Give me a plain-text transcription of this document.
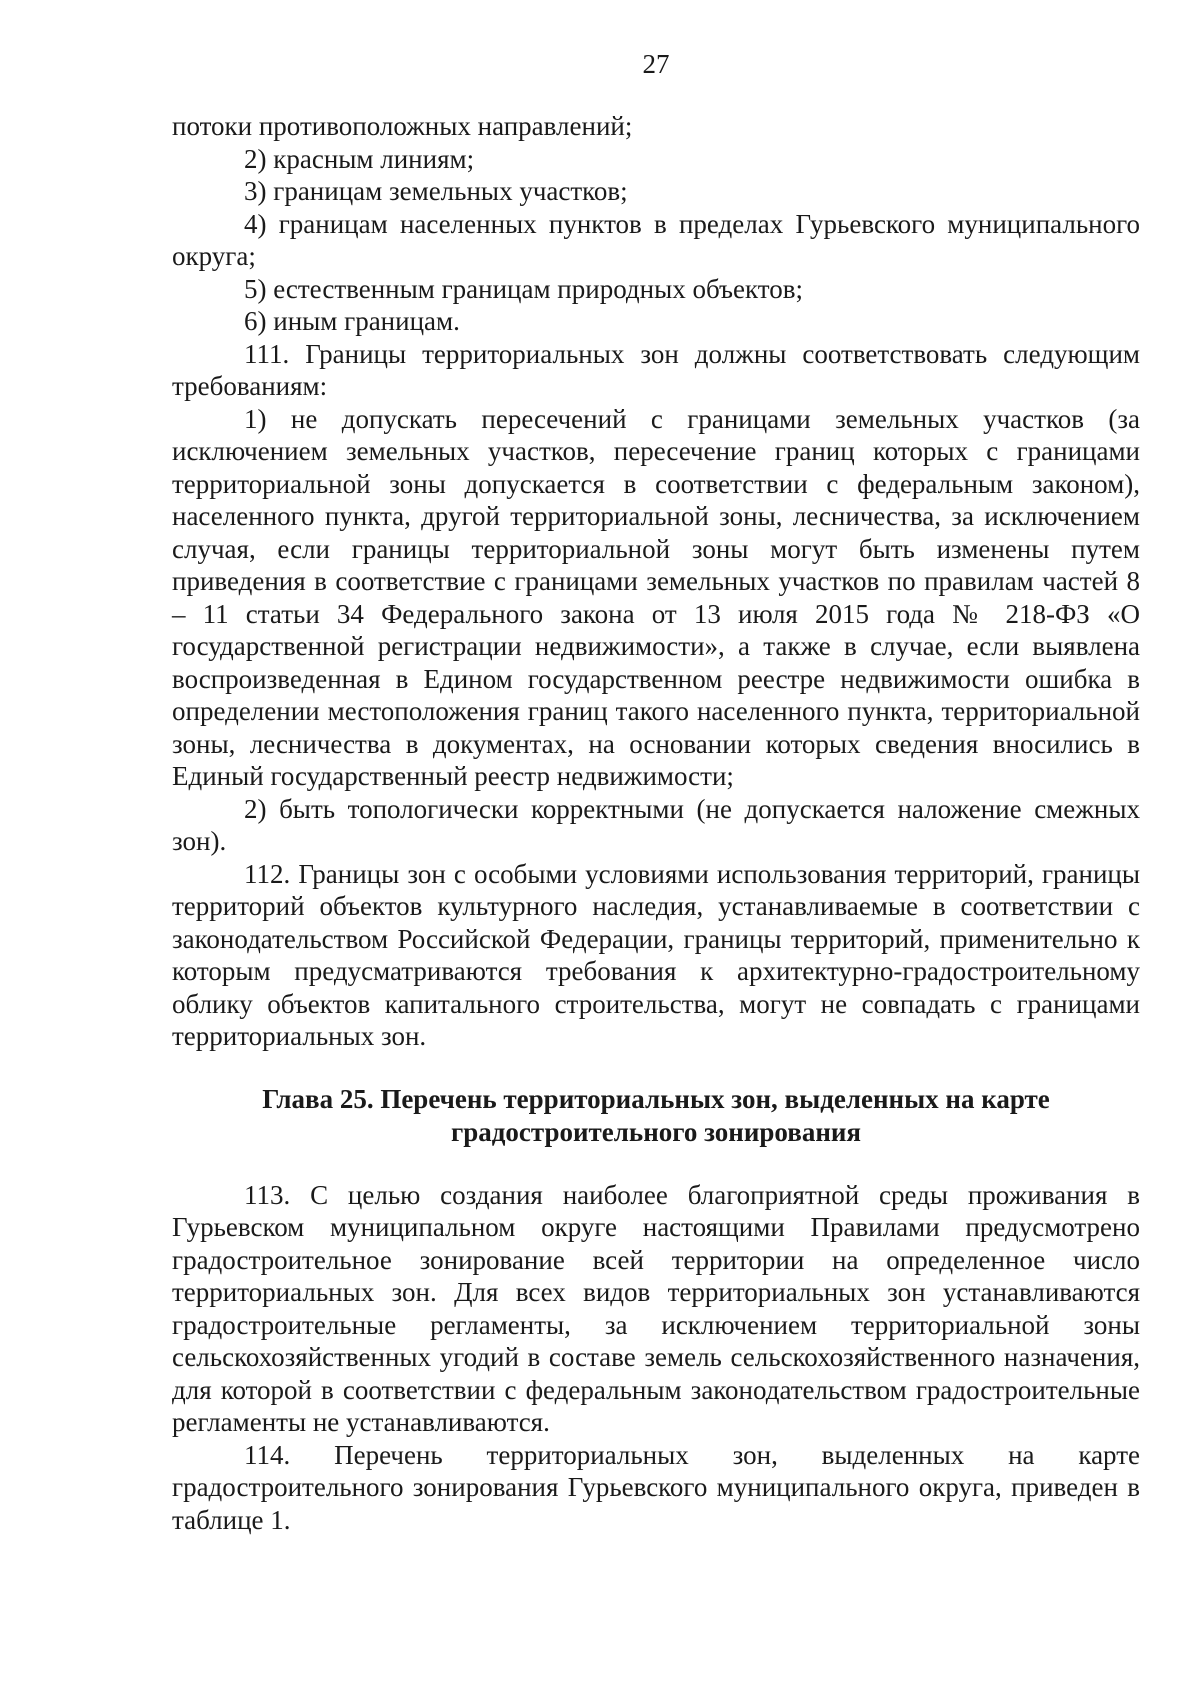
27

потоки противоположных направлений;

2) красным линиям;

3) границам земельных участков;

4) границам населенных пунктов в пределах Гурьевского муниципального округа;

5) естественным границам природных объектов;

6) иным границам.

111. Границы территориальных зон должны соответствовать следующим требованиям:

1) не допускать пересечений с границами земельных участков (за исключением земельных участков, пересечение границ которых с границами территориальной зоны допускается в соответствии с федеральным законом), населенного пункта, другой территориальной зоны, лесничества, за исключением случая, если границы территориальной зоны могут быть изменены путем приведения в соответствие с границами земельных участков по правилам частей 8 – 11 статьи 34 Федерального закона от 13 июля 2015 года № 218-ФЗ «О государственной регистрации недвижимости», а также в случае, если выявлена воспроизведенная в Едином государственном реестре недвижимости ошибка в определении местоположения границ такого населенного пункта, территориальной зоны, лесничества в документах, на основании которых сведения вносились в Единый государственный реестр недвижимости;

2) быть топологически корректными (не допускается наложение смежных зон).

112. Границы зон с особыми условиями использования территорий, границы территорий объектов культурного наследия, устанавливаемые в соответствии с законодательством Российской Федерации, границы территорий, применительно к которым предусматриваются требования к архитектурно-градостроительному облику объектов капитального строительства, могут не совпадать с границами территориальных зон.

Глава 25. Перечень территориальных зон, выделенных на карте
градостроительного зонирования

113. С целью создания наиболее благоприятной среды проживания в Гурьевском муниципальном округе настоящими Правилами предусмотрено градостроительное зонирование всей территории на определенное число территориальных зон. Для всех видов территориальных зон устанавливаются градостроительные регламенты, за исключением территориальной зоны сельскохозяйственных угодий в составе земель сельскохозяйственного назначения, для которой в соответствии с федеральным законодательством градостроительные регламенты не устанавливаются.

114. Перечень территориальных зон, выделенных на карте градостроительного зонирования Гурьевского муниципального округа, приведен в таблице 1.
